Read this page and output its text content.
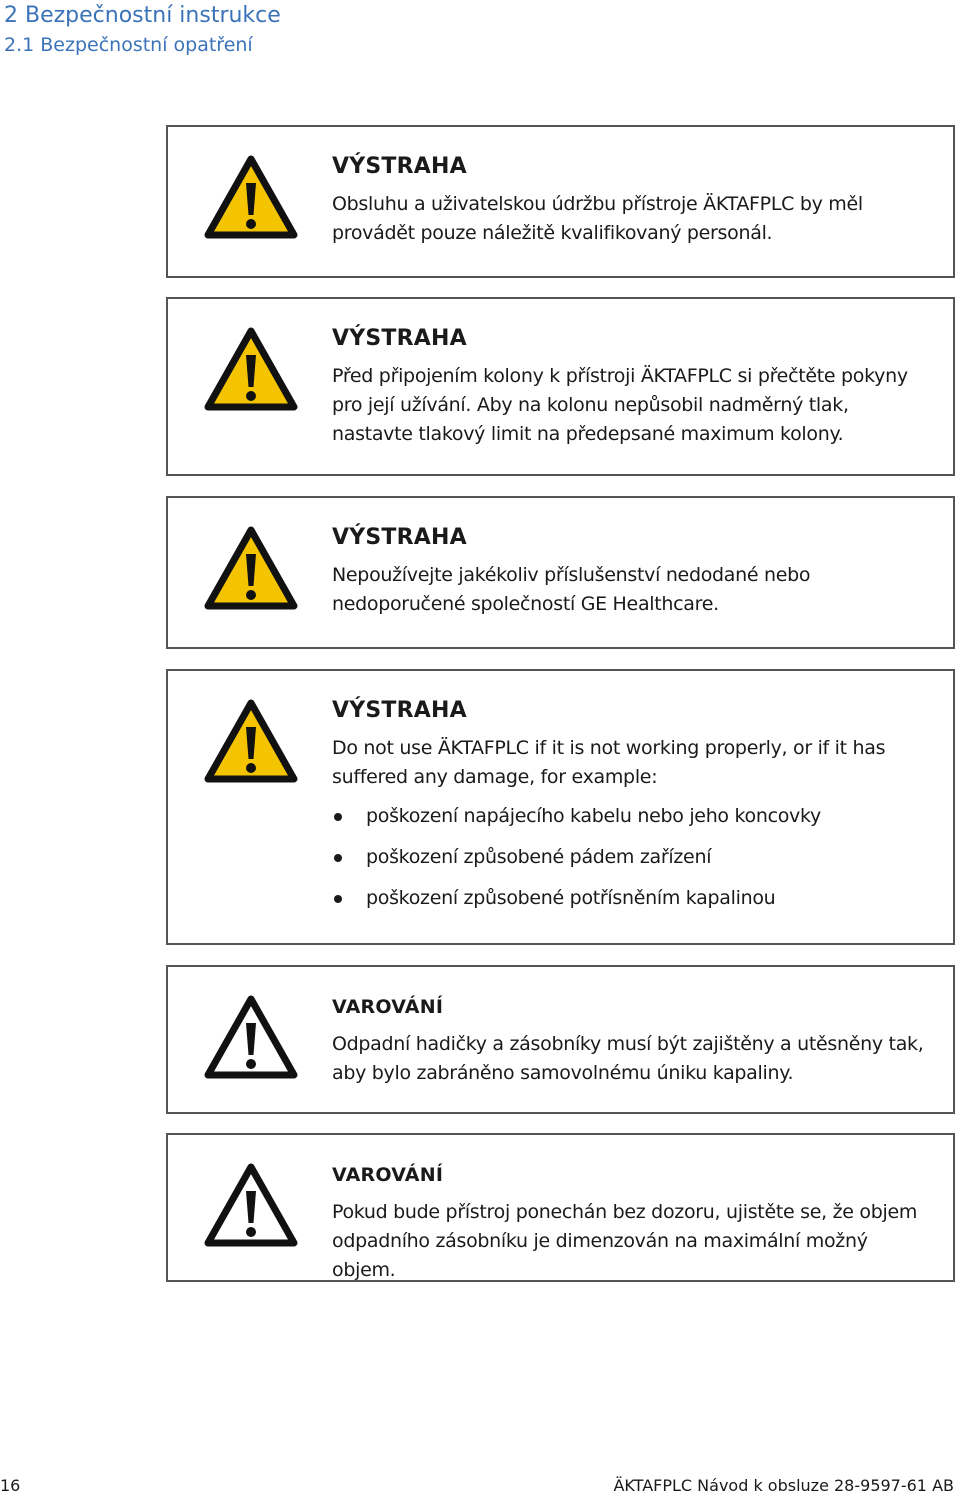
2 Bezpečnostní instrukce
2.1 Bezpečnostní opatření
VÝSTRAHA
Obsluhu a uživatelskou údržbu přístroje ÄKTAFPLC by měl provádět pouze náležitě kvalifikovaný personál.
VÝSTRAHA
Před připojením kolony k přístroji ÄKTAFPLC si přečtěte pokyny pro její užívání. Aby na kolonu nepůsobil nadměrný tlak, nastavte tlakový limit na předepsané maximum kolony.
VÝSTRAHA
Nepoužívejte jakékoliv příslušenství nedodané nebo nedoporučené společností GE Healthcare.
VÝSTRAHA
Do not use ÄKTAFPLC if it is not working properly, or if it has suffered any damage, for example:
poškození napájecího kabelu nebo jeho koncovky
poškození způsobené pádem zařízení
poškození způsobené potřísněním kapalinou
VAROVÁNÍ
Odpadní hadičky a zásobníky musí být zajištěny a utěsněny tak, aby bylo zabráněno samovolnému úniku kapaliny.
VAROVÁNÍ
Pokud bude přístroj ponechán bez dozoru, ujistěte se, že objem odpadního zásobníku je dimenzován na maximální možný objem.
16	ÄKTAFPLC Návod k obsluze 28-9597-61 AB
